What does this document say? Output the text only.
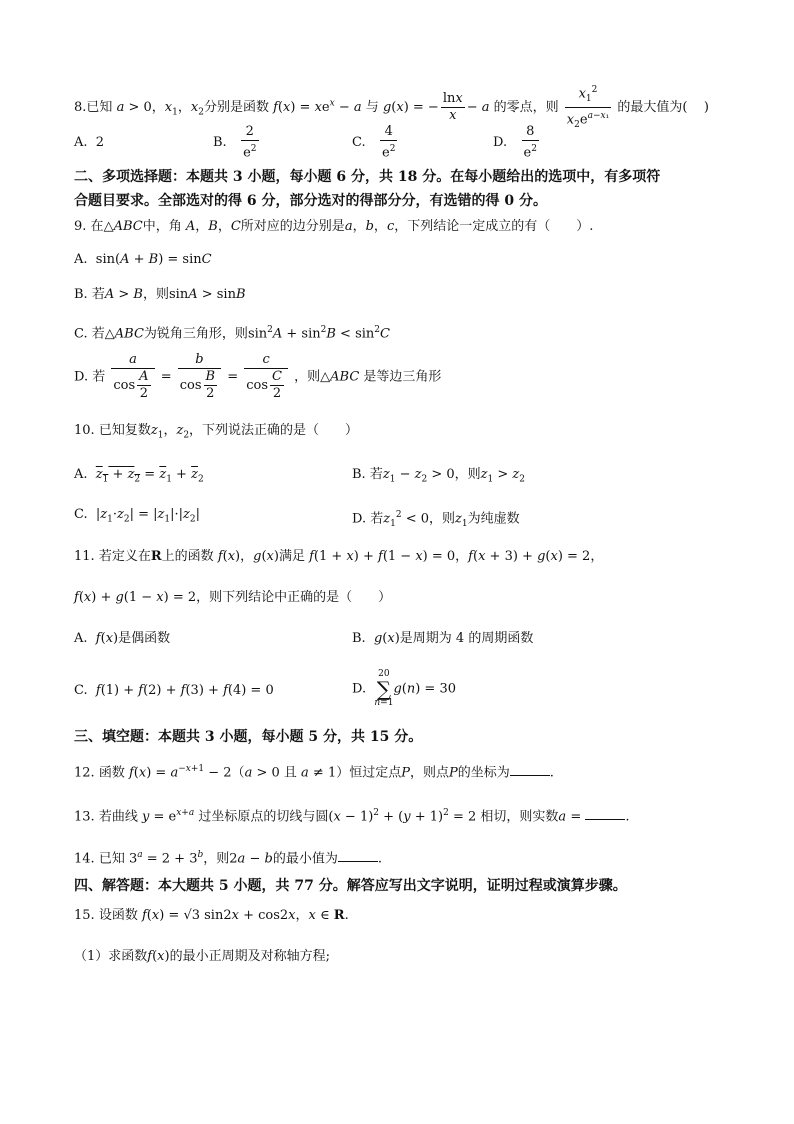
8.已知 a > 0，$x_1$，$x_2$分别是函数 $f(x) = xe^x - a$ 与 g(x) = − $\frac{\ln x}{x} - a$ 的零点，则 $\frac{x_1^2}{x_2e^{a-x_1}}$ 的最大值为( )
A. 2	B. $\frac{2}{e^2}$	C. $\frac{4}{e^2}$	D. $\frac{8}{e^2}$
二、多项选择题：本题共 3 小题，每小题 6 分，共 18 分。在每小题给出的选项中，有多项符
合题目要求。全部选对的得 6 分，部分选对的得部分分，有选错的得 0 分。
9. 在△ABC中，角 A，B，C所对应的边分别是a，b，c，下列结论一定成立的有（　　）.
A.  sin(A + B) = sinC
B. 若A > B，则sinA > sinB
C. 若△ABC为锐角三角形，则$\sin^2A + \sin^2B < \sin^2C$
D. 若 $\frac{a}{\cos \frac{A}{2}} = \frac{b}{\cos \frac{B}{2}} = \frac{c}{\cos \frac{C}{2}}$ ，则△ABC 是等边三角形
10. 已知复数$z_1$，$z_2$，下列说法正确的是（　　）
A. $z_1 + z_2 = \overline{z}_1 + \overline{z}_2$	B. 若$z_1 - z_2 > 0$，则$z_1 > z_2$
C.  $|z_1\cdot z_2| = |z_1|\cdot|z_2|$	D. 若$z_1^2 < 0$，则$z_1$为纯虚数
11. 若定义在R上的函数 f(x)，g(x)满足 f(1 + x) + f(1 − x) = 0，f(x + 3) + g(x) = 2，
f(x) + g(1 − x) = 2，则下列结论中正确的是（　　）
A. f(x)是偶函数	B. g(x)是周期为 4 的周期函数
C. f(1) + f(2) + f(3) + f(4) = 0	D.  20
∑
n=1g(n) = 30
三、填空题：本题共 3 小题，每小题 5 分，共 15 分。
12. 函数 $f(x) = a^{-x+1} - 2(a > 0$ 且 a ≠ 1）恒过定点P，则点P的坐标为	.
13. 若曲线 $y = e^{x+a}$ 过坐标原点的切线与圆$(x - 1)^2 + (y + 1)^2 = 2$ 相切，则实数a =	.
14. 已知 $3^a = 2 + 3^b$，则2a − b的最小值为	.
四、解答题：本大题共 5 小题，共 77 分。解答应写出文字说明，证明过程或演算步骤。
15. 设函数 f(x) = √3 sin2x + cos2x，x ∈ R.
（1）求函数f(x)的最小正周期及对称轴方程;
